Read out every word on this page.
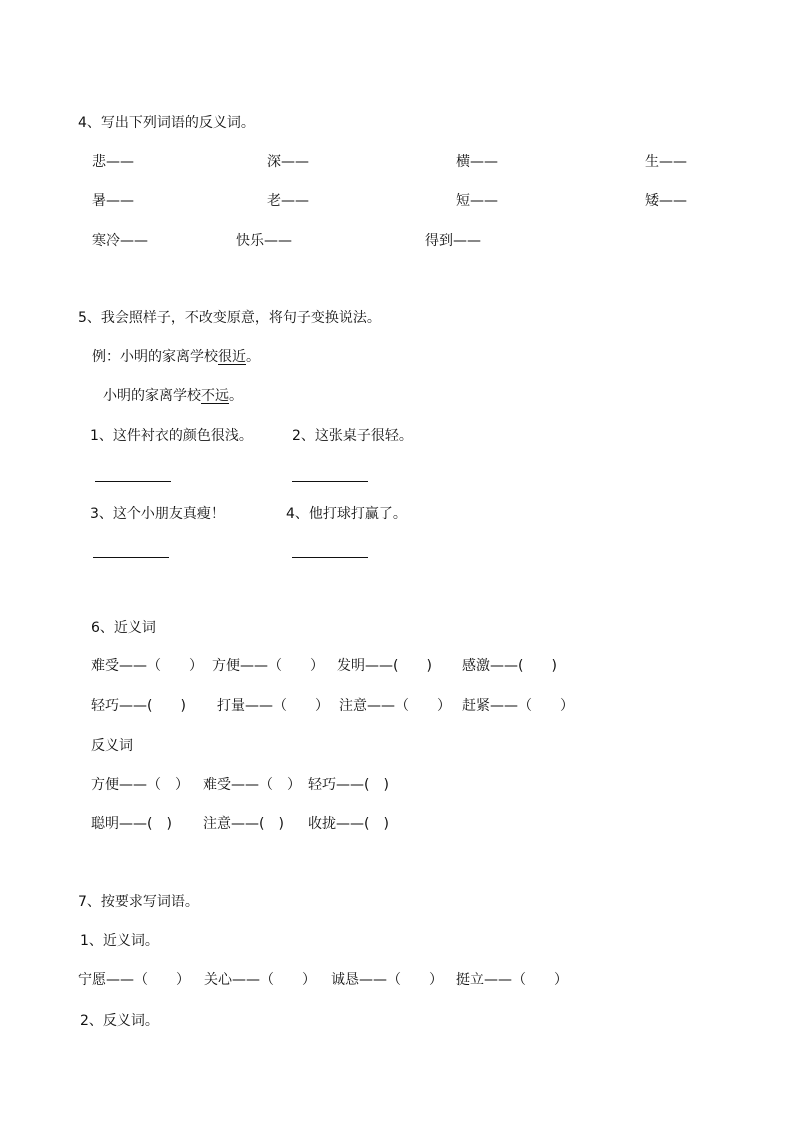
4、写出下列词语的反义词。
悲——	深——	横——	生——
暑——	老——	短——	矮——
寒冷——	快乐——	得到——
5、我会照样子，不改变原意，将句子变换说法。
例：小明的家离学校很近。
小明的家离学校不远。
1、这件衬衣的颜色很浅。	2、这张桌子很轻。
3、这个小朋友真瘦！	4、他打球打赢了。
6、近义词
难受——（　　） 方便——（　　） 发明——(　　) 感激——(　　)
轻巧——(　　) 打量——（　　） 注意——（　　） 赶紧——（　　）
反义词
方便——（　） 难受——（　） 轻巧——(　)
聪明——(　) 注意——(　) 收拢——(　)
7、按要求写词语。
1、近义词。
宁愿——（　　） 关心——（　　） 诚恳——（　　） 挺立——（　　）
2、反义词。
